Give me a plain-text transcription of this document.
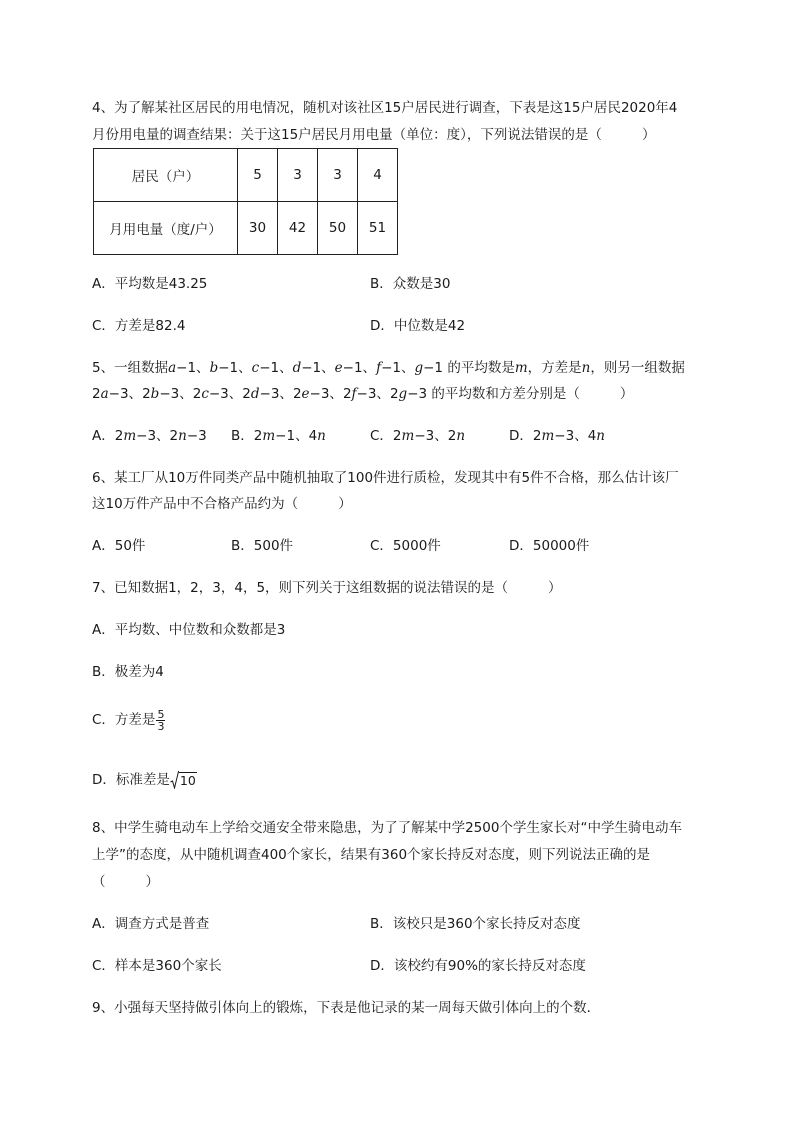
4、为了解某社区居民的用电情况，随机对该社区15户居民进行调查，下表是这15户居民2020年4
月份用电量的调查结果：关于这15户居民月用电量（单位：度），下列说法错误的是（	）
居民（户）	5	3	3	4
月用电量（度/户）	30	42	50	51
A．平均数是43.25	B．众数是30
C．方差是82.4	D．中位数是42
5、一组数据a−1、b−1、c−1、d−1、e−1、f−1、g−1 的平均数是m，方差是n，则另一组数据
2a−3、2b−3、2c−3、2d−3、2e−3、2f−3、2g−3 的平均数和方差分别是（	）
A．2m−3、2n−3 B．2m−1、4n	C．2m−3、2n	D．2m−3、4n
6、某工厂从10万件同类产品中随机抽取了100件进行质检，发现其中有5件不合格，那么估计该厂
这10万件产品中不合格产品约为（	）
A．50件	B．500件	C．5000件	D．50000件
7、已知数据1，2，3，4，5，则下列关于这组数据的说法错误的是（	）
A．平均数、中位数和众数都是3
B．极差为4
C．方差是 $\frac{5}{3}$
D．标准差是 10
8、中学生骑电动车上学给交通安全带来隐患，为了了解某中学2500个学生家长对“中学生骑电动车
上学”的态度，从中随机调查400个家长，结果有360个家长持反对态度，则下列说法正确的是
（	）
A．调查方式是普查	B．该校只是360个家长持反对态度
C．样本是360个家长	D．该校约有90%的家长持反对态度
9、小强每天坚持做引体向上的锻炼，下表是他记录的某一周每天做引体向上的个数．
